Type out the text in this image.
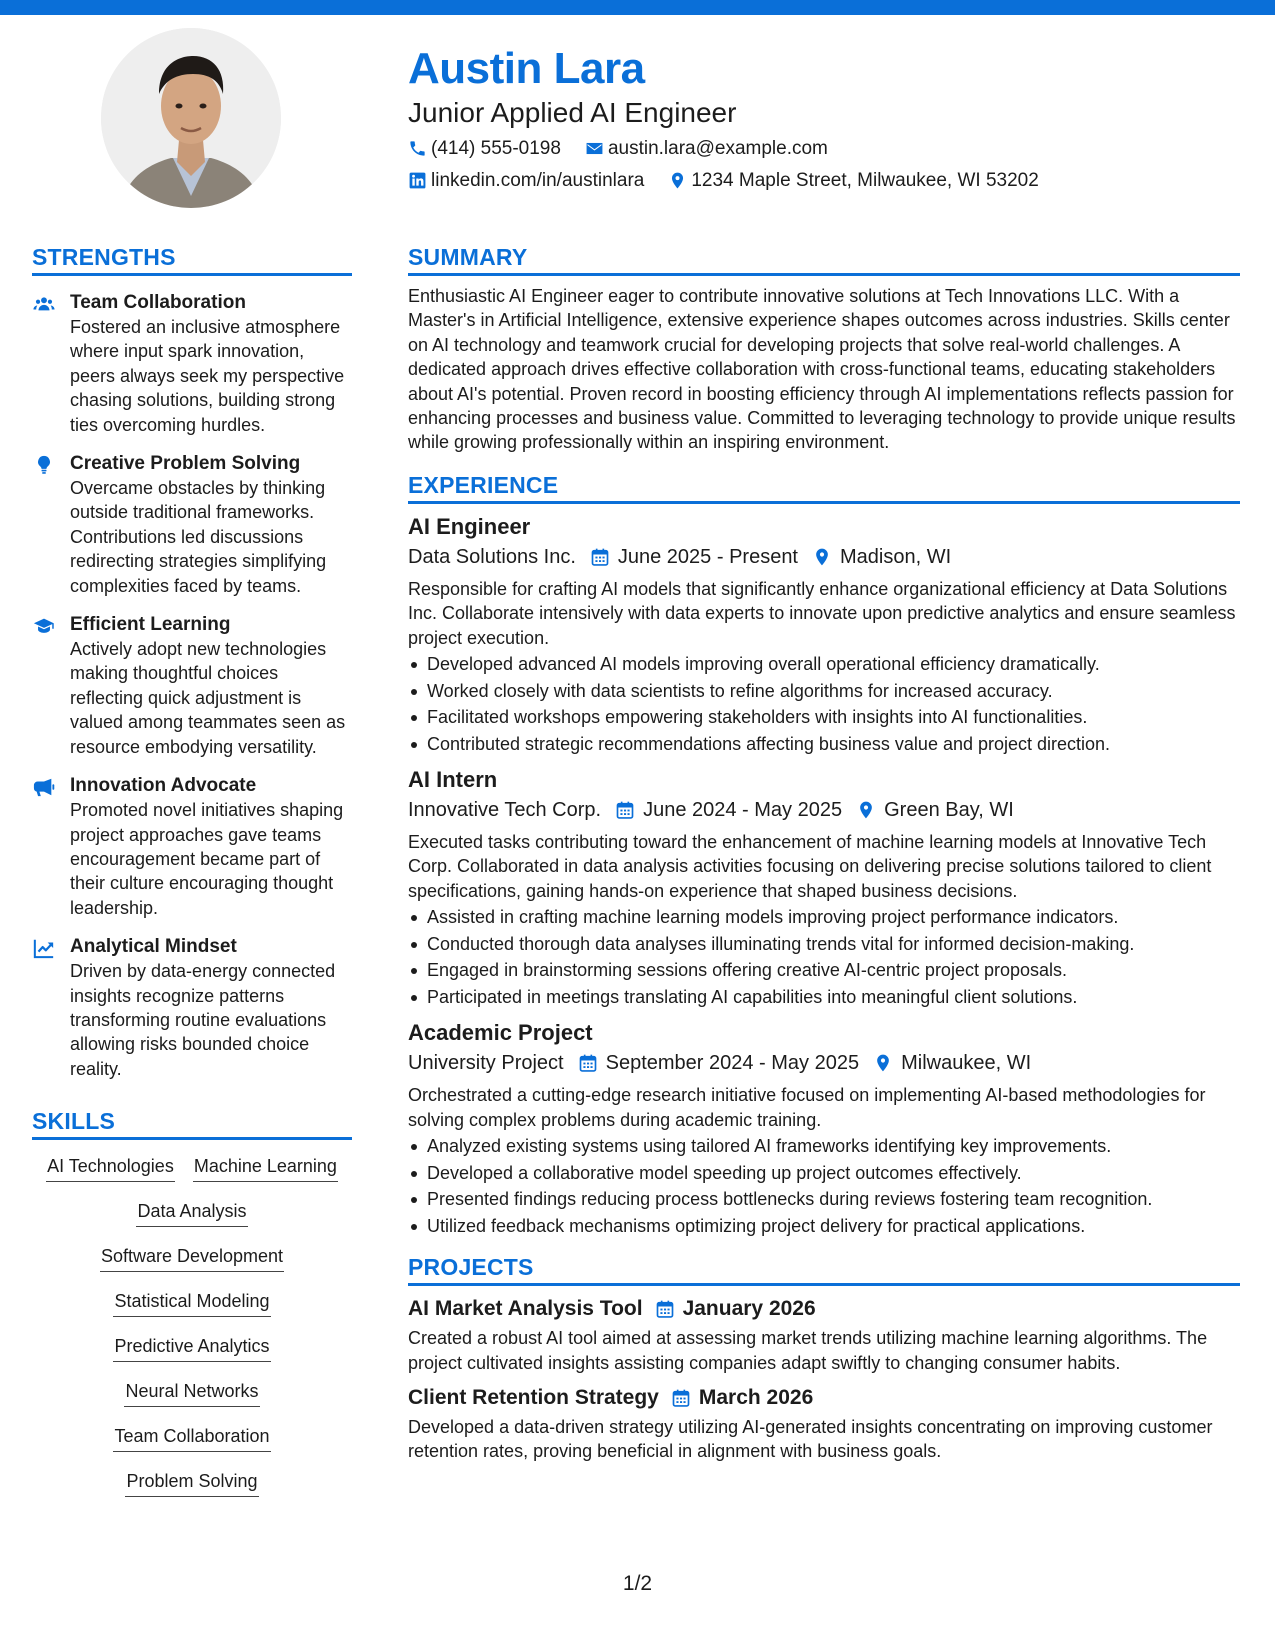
Austin Lara
Junior Applied AI Engineer
(414) 555-0198 austin.lara@example.com
linkedin.com/in/austinlara 1234 Maple Street, Milwaukee, WI 53202
STRENGTHS
Team Collaboration
Fostered an inclusive atmosphere where input spark innovation, peers always seek my perspective chasing solutions, building strong ties overcoming hurdles.
Creative Problem Solving
Overcame obstacles by thinking outside traditional frameworks. Contributions led discussions redirecting strategies simplifying complexities faced by teams.
Efficient Learning
Actively adopt new technologies making thoughtful choices reflecting quick adjustment is valued among teammates seen as resource embodying versatility.
Innovation Advocate
Promoted novel initiatives shaping project approaches gave teams encouragement became part of their culture encouraging thought leadership.
Analytical Mindset
Driven by data-energy connected insights recognize patterns transforming routine evaluations allowing risks bounded choice reality.
SKILLS
AI Technologies Machine Learning
Data Analysis
Software Development
Statistical Modeling
Predictive Analytics
Neural Networks
Team Collaboration
Problem Solving
SUMMARY
Enthusiastic AI Engineer eager to contribute innovative solutions at Tech Innovations LLC. With a Master's in Artificial Intelligence, extensive experience shapes outcomes across industries. Skills center on AI technology and teamwork crucial for developing projects that solve real-world challenges. A dedicated approach drives effective collaboration with cross-functional teams, educating stakeholders about AI's potential. Proven record in boosting efficiency through AI implementations reflects passion for enhancing processes and business value. Committed to leveraging technology to provide unique results while growing professionally within an inspiring environment.
EXPERIENCE
AI Engineer
Data Solutions Inc. June 2025 - Present Madison, WI
Responsible for crafting AI models that significantly enhance organizational efficiency at Data Solutions Inc. Collaborate intensively with data experts to innovate upon predictive analytics and ensure seamless project execution.
Developed advanced AI models improving overall operational efficiency dramatically.
Worked closely with data scientists to refine algorithms for increased accuracy.
Facilitated workshops empowering stakeholders with insights into AI functionalities.
Contributed strategic recommendations affecting business value and project direction.
AI Intern
Innovative Tech Corp. June 2024 - May 2025 Green Bay, WI
Executed tasks contributing toward the enhancement of machine learning models at Innovative Tech Corp. Collaborated in data analysis activities focusing on delivering precise solutions tailored to client specifications, gaining hands-on experience that shaped business decisions.
Assisted in crafting machine learning models improving project performance indicators.
Conducted thorough data analyses illuminating trends vital for informed decision-making.
Engaged in brainstorming sessions offering creative AI-centric project proposals.
Participated in meetings translating AI capabilities into meaningful client solutions.
Academic Project
University Project September 2024 - May 2025 Milwaukee, WI
Orchestrated a cutting-edge research initiative focused on implementing AI-based methodologies for solving complex problems during academic training.
Analyzed existing systems using tailored AI frameworks identifying key improvements.
Developed a collaborative model speeding up project outcomes effectively.
Presented findings reducing process bottlenecks during reviews fostering team recognition.
Utilized feedback mechanisms optimizing project delivery for practical applications.
PROJECTS
AI Market Analysis Tool January 2026
Created a robust AI tool aimed at assessing market trends utilizing machine learning algorithms. The project cultivated insights assisting companies adapt swiftly to changing consumer habits.
Client Retention Strategy March 2026
Developed a data-driven strategy utilizing AI-generated insights concentrating on improving customer retention rates, proving beneficial in alignment with business goals.
1/2
